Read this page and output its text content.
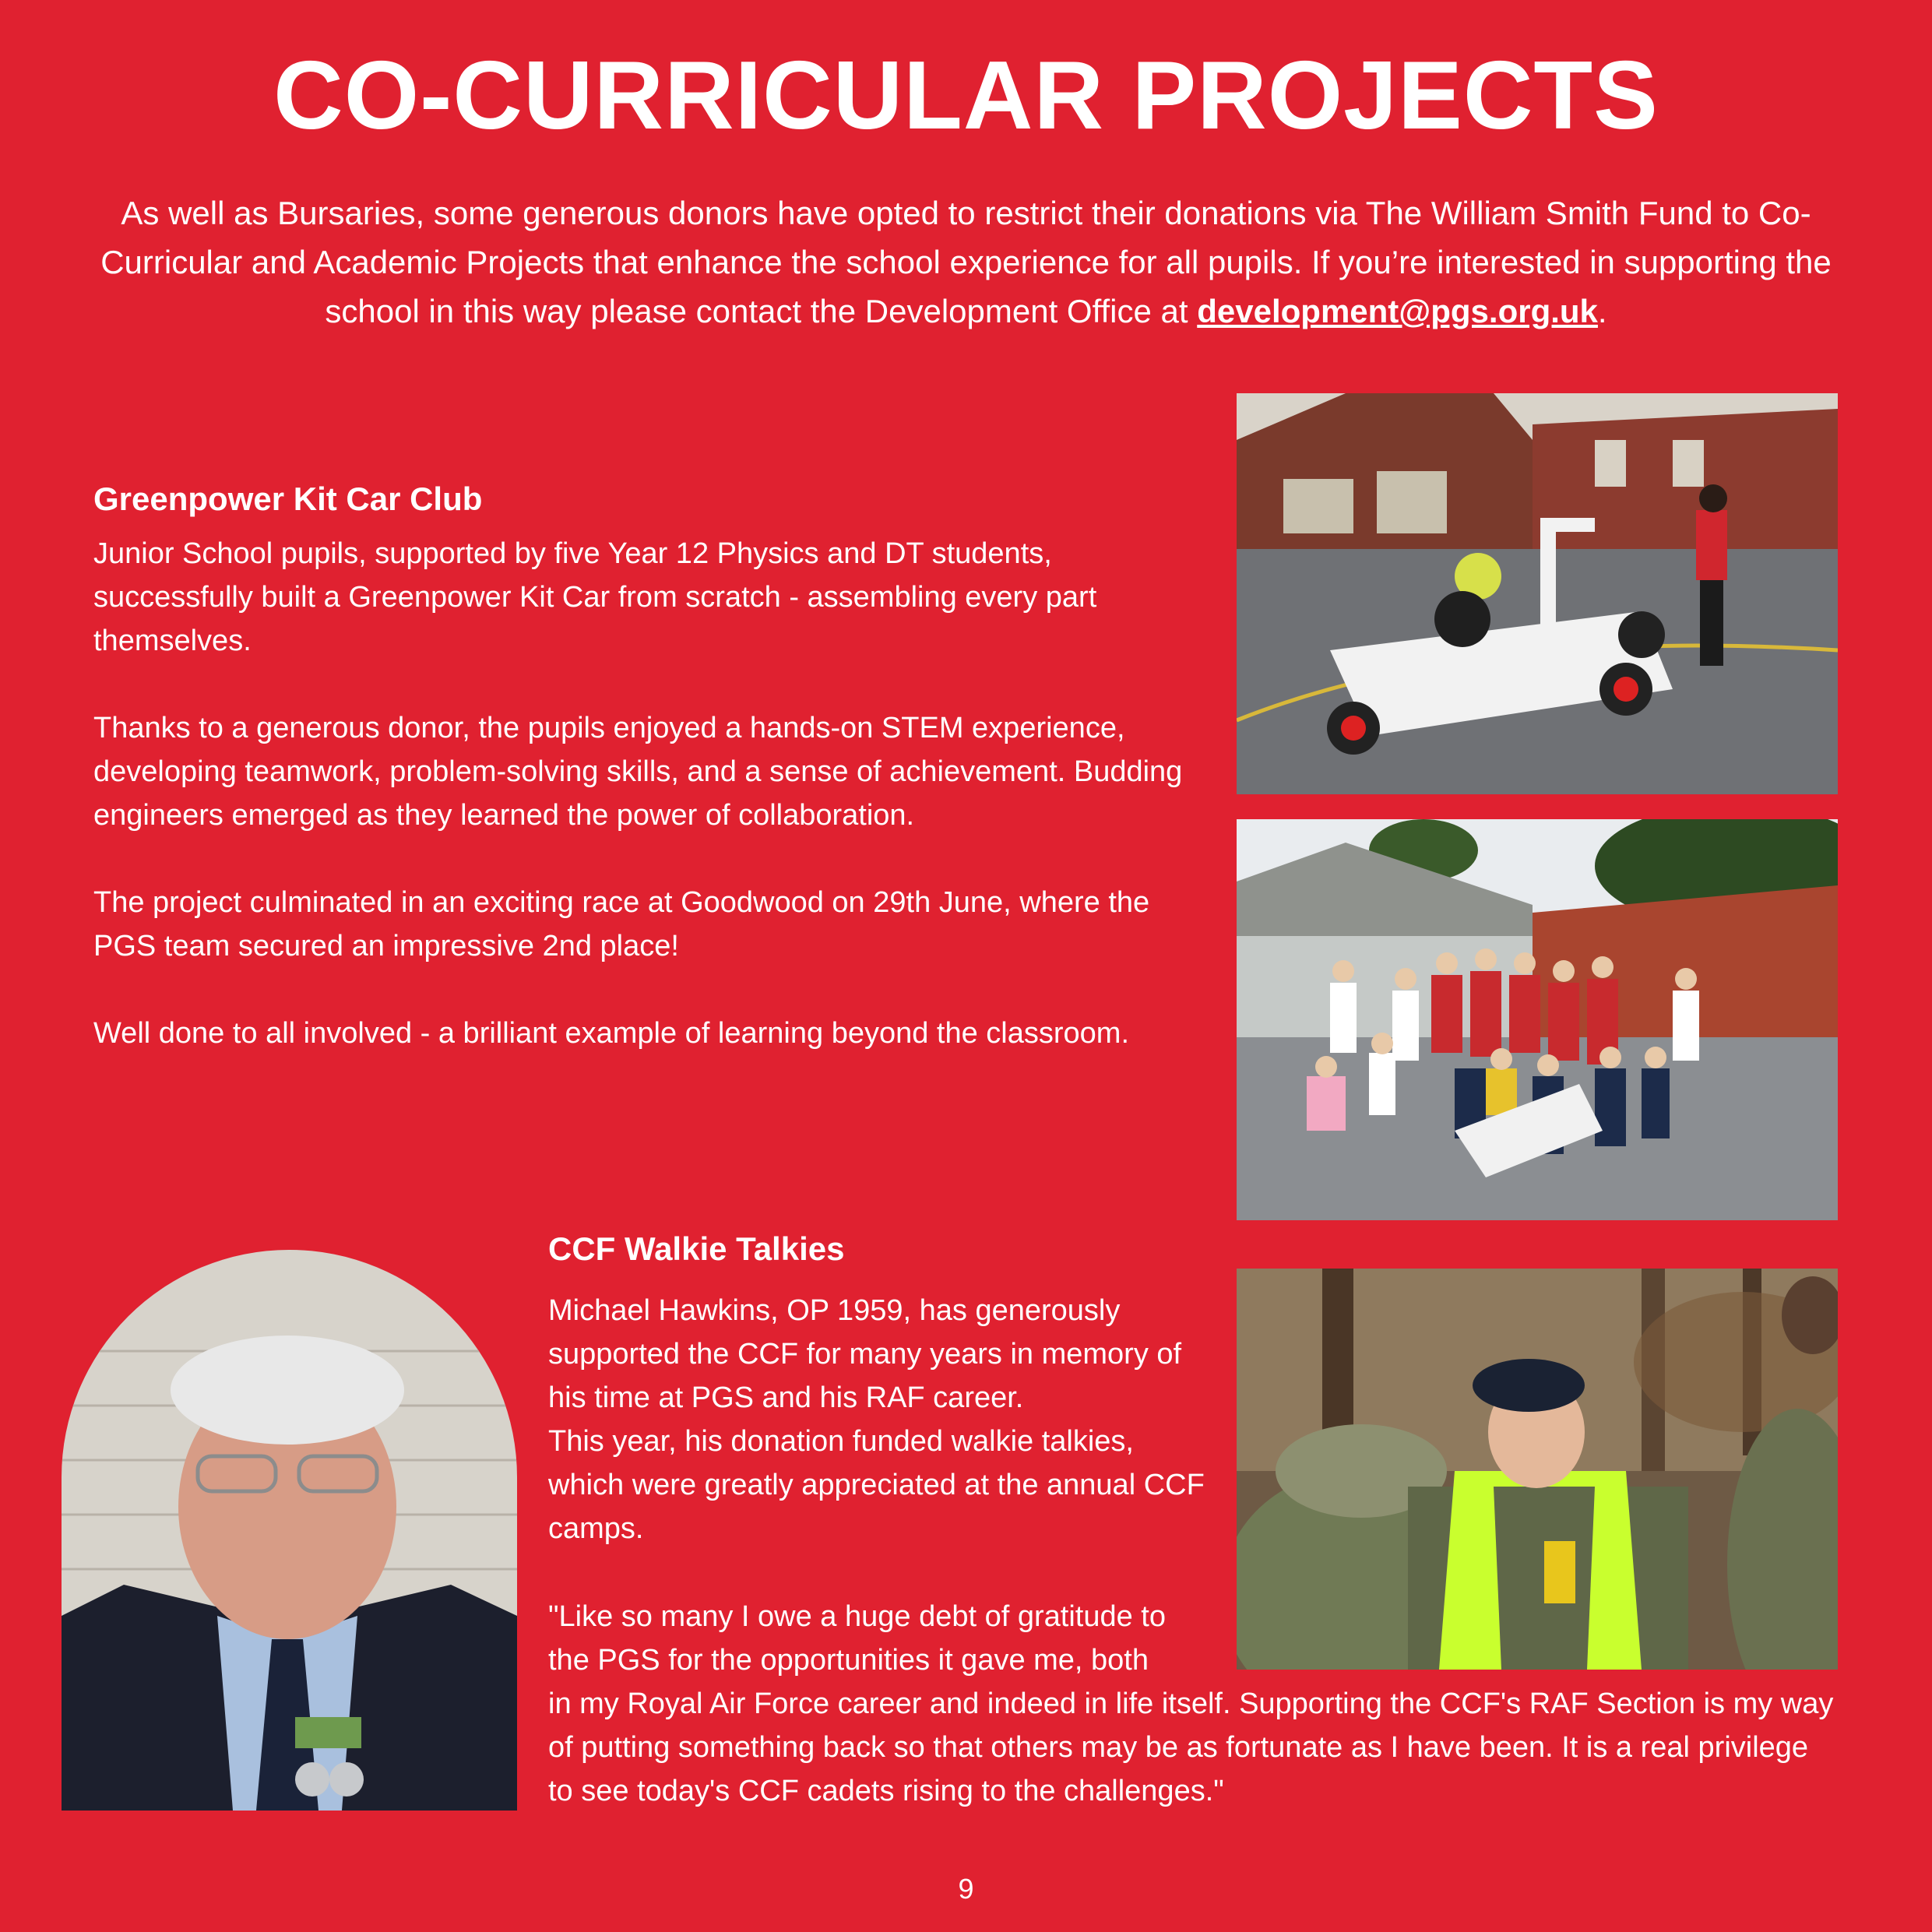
CO-CURRICULAR PROJECTS

As well as Bursaries, some generous donors have opted to restrict their donations via The William Smith Fund to Co-Curricular and Academic Projects that enhance the school experience for all pupils. If you’re interested in supporting the school in this way please contact the Development Office at development@pgs.org.uk.

Greenpower Kit Car Club

Junior School pupils, supported by five Year 12 Physics and DT students, successfully built a Greenpower Kit Car from scratch - assembling every part themselves.

Thanks to a generous donor, the pupils enjoyed a hands-on STEM experience, developing teamwork, problem-solving skills, and a sense of achievement. Budding engineers emerged as they learned the power of collaboration.

The project culminated in an exciting race at Goodwood on 29th June, where the PGS team secured an impressive 2nd place!

Well done to all involved - a brilliant example of learning beyond the classroom.

CCF Walkie Talkies
Michael Hawkins, OP 1959, has generously supported the CCF for many years in memory of his time at PGS and his RAF career.
This year, his donation funded walkie talkies, which were greatly appreciated at the annual CCF camps.
"Like so many I owe a huge debt of gratitude to the PGS for the opportunities it gave me, both in my Royal Air Force career and indeed in life itself. Supporting the CCF's RAF Section is my way of putting something back so that others may be as fortunate as I have been. It is a real privilege to see today's CCF cadets rising to the challenges."

9
